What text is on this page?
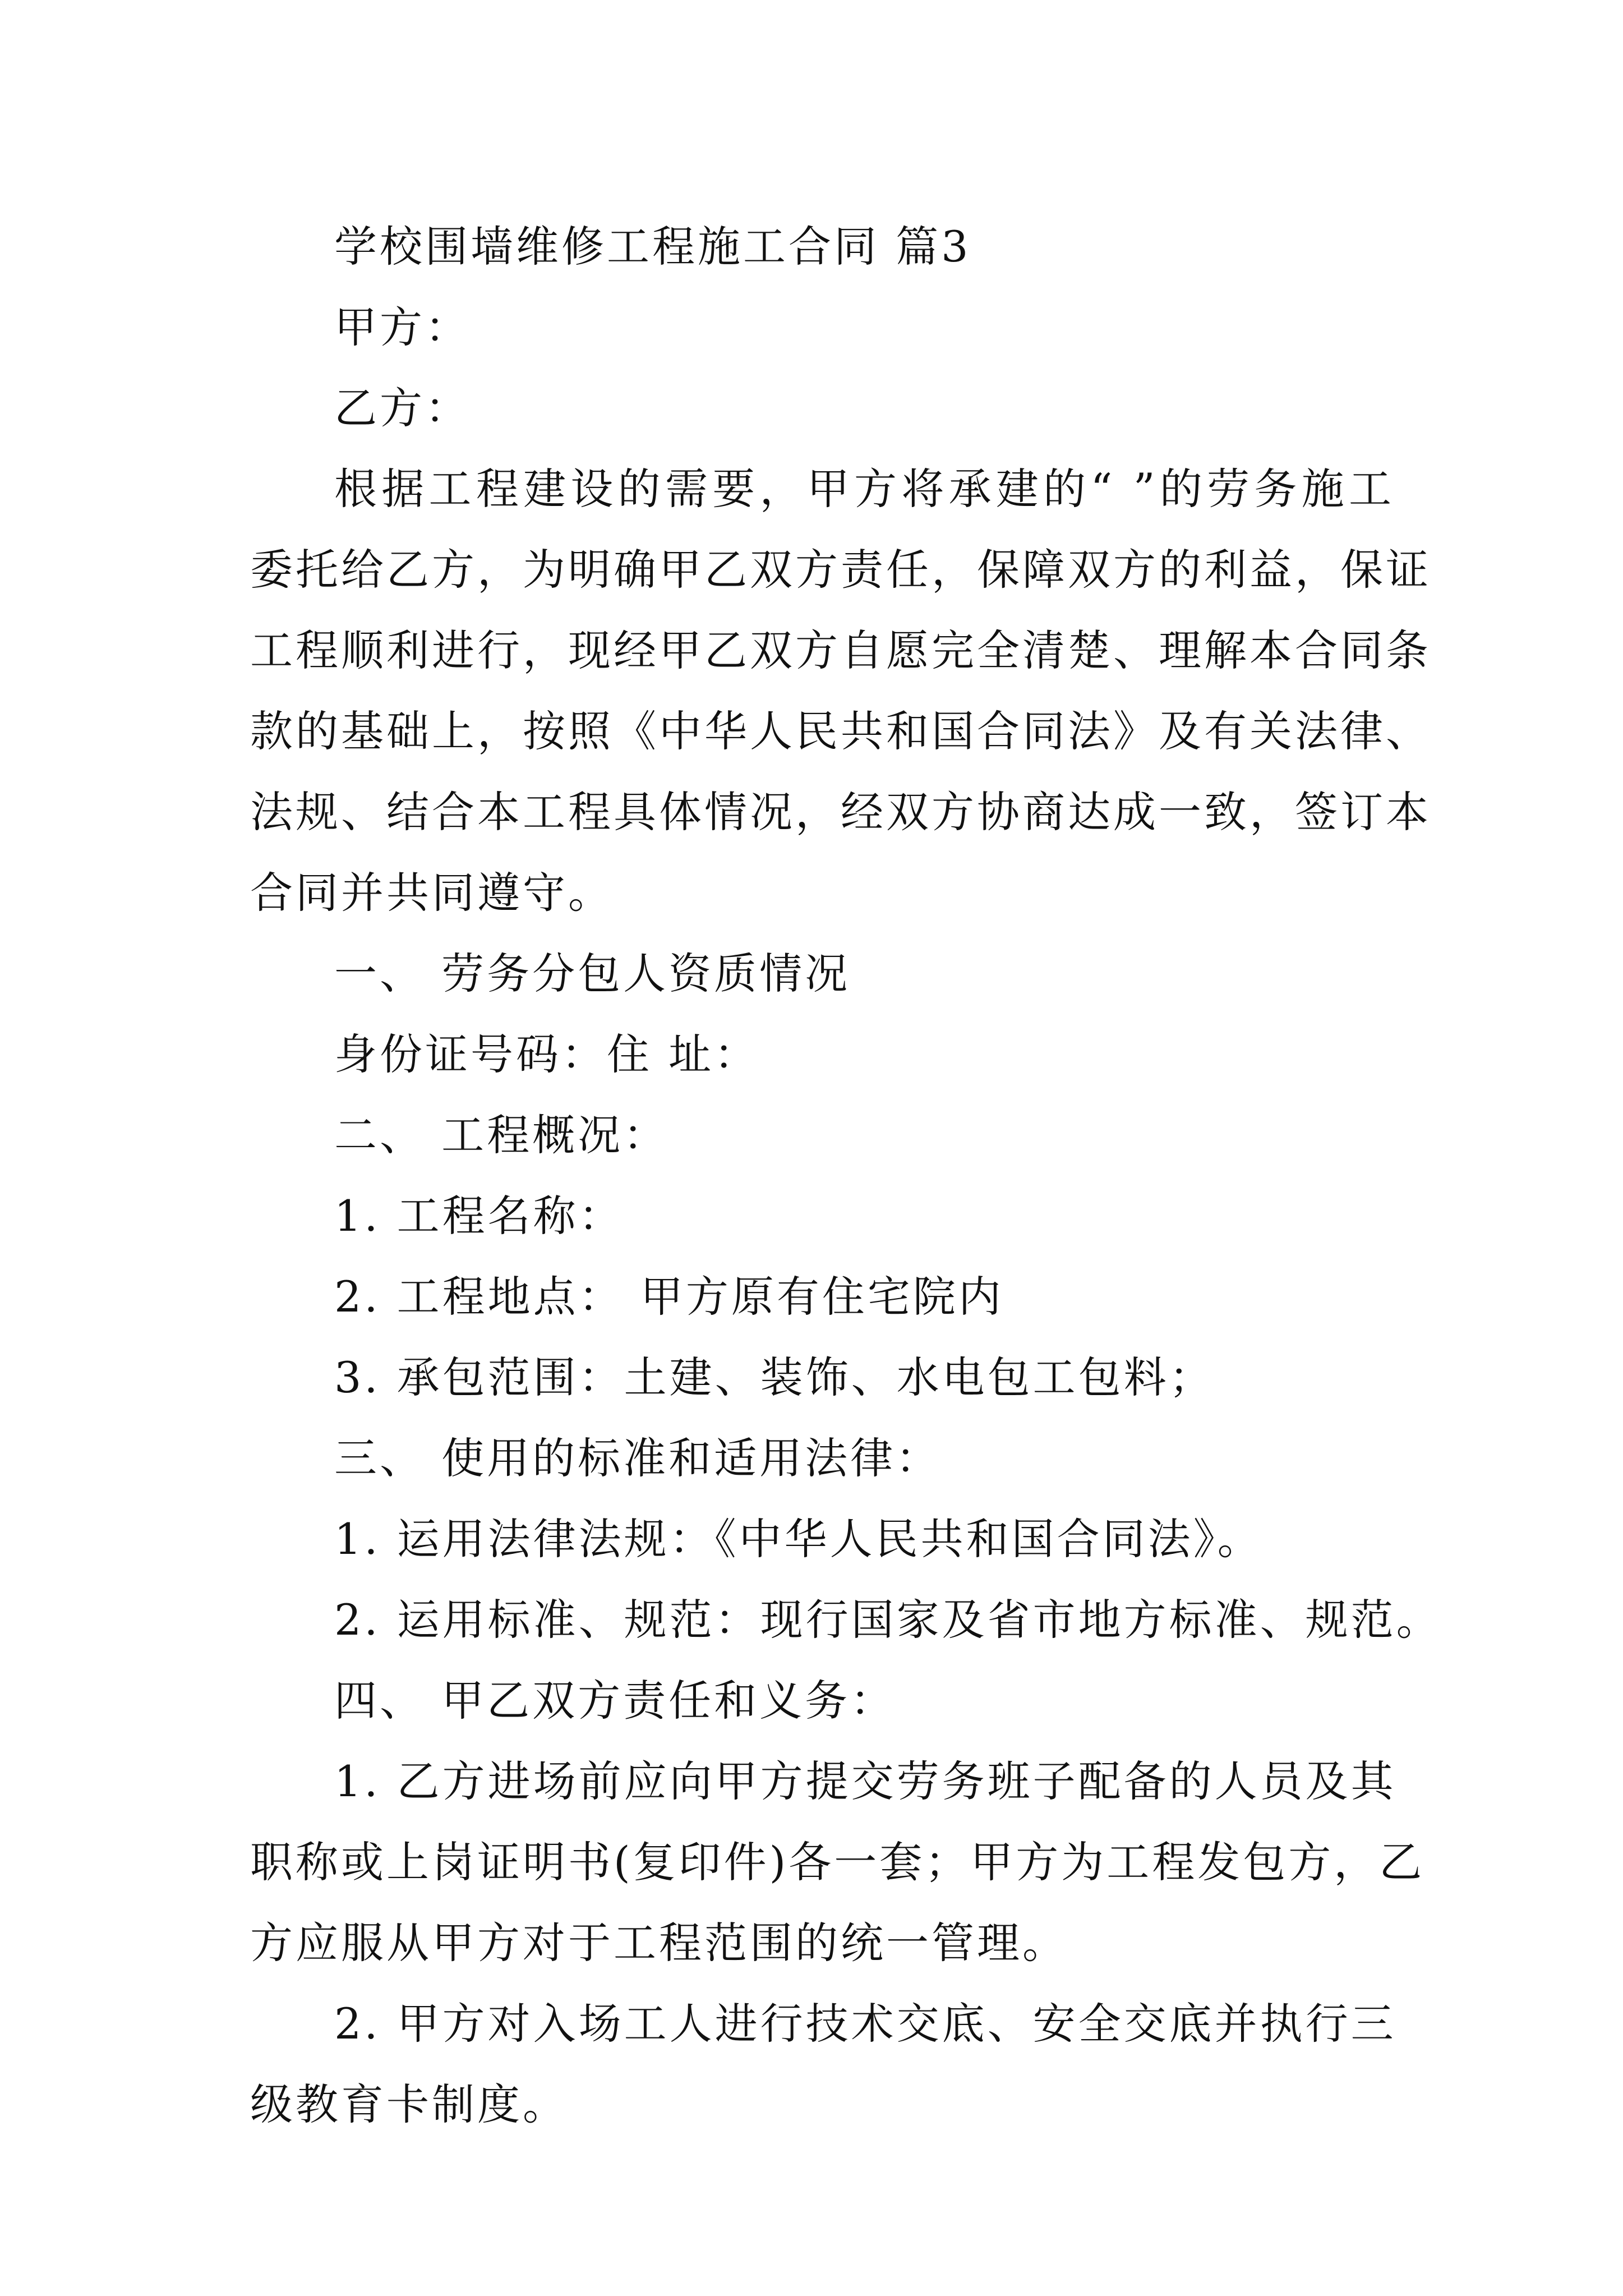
学校围墙维修工程施工合同 篇3
甲方：
乙方：
根据工程建设的需要，甲方将承建的“ ”的劳务施工
委托给乙方，为明确甲乙双方责任，保障双方的利益，保证
工程顺利进行，现经甲乙双方自愿完全清楚、理解本合同条
款的基础上，按照《中华人民共和国合同法》及有关法律、
法规、结合本工程具体情况，经双方协商达成一致，签订本
合同并共同遵守。
一、 劳务分包人资质情况
身份证号码：住 址：
二、 工程概况：
1. 工程名称：
2. 工程地点： 甲方原有住宅院内
3. 承包范围：土建、装饰、水电包工包料；
三、 使用的标准和适用法律：
1. 运用法律法规：《中华人民共和国合同法》。
2. 运用标准、规范：现行国家及省市地方标准、规范。
四、 甲乙双方责任和义务：
1. 乙方进场前应向甲方提交劳务班子配备的人员及其
职称或上岗证明书(复印件)各一套；甲方为工程发包方，乙
方应服从甲方对于工程范围的统一管理。
2. 甲方对入场工人进行技术交底、安全交底并执行三
级教育卡制度。
